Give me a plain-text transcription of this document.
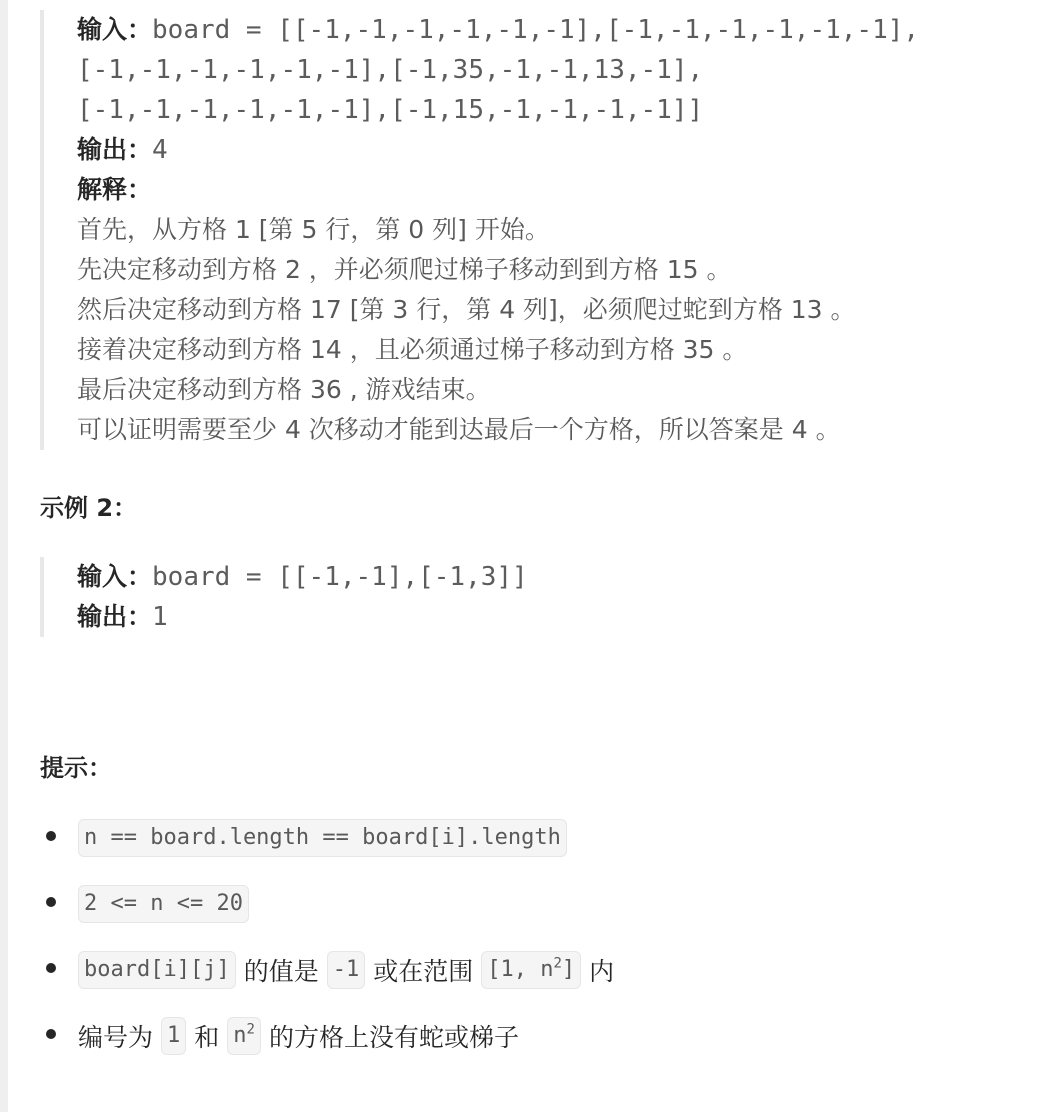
输入：board = [[-1,-1,-1,-1,-1,-1],[-1,-1,-1,-1,-1,-1],
[-1,-1,-1,-1,-1,-1],[-1,35,-1,-1,13,-1],
[-1,-1,-1,-1,-1,-1],[-1,15,-1,-1,-1,-1]]
输出：4
解释：
首先，从方格 1 [第 5 行，第 0 列] 开始。
先决定移动到方格 2 ，并必须爬过梯子移动到到方格 15 。
然后决定移动到方格 17 [第 3 行，第 4 列]，必须爬过蛇到方格 13 。
接着决定移动到方格 14 ，且必须通过梯子移动到方格 35 。
最后决定移动到方格 36 , 游戏结束。
可以证明需要至少 4 次移动才能到达最后一个方格，所以答案是 4 。
示例 2：
输入：board = [[-1,-1],[-1,3]]
输出：1
提示：
n == board.length == board[i].length
2 <= n <= 20
board[i][j] 的值是 -1 或在范围 [1, $n^2$] 内
编号为 1 和 $n^2$ 的方格上没有蛇或梯子
